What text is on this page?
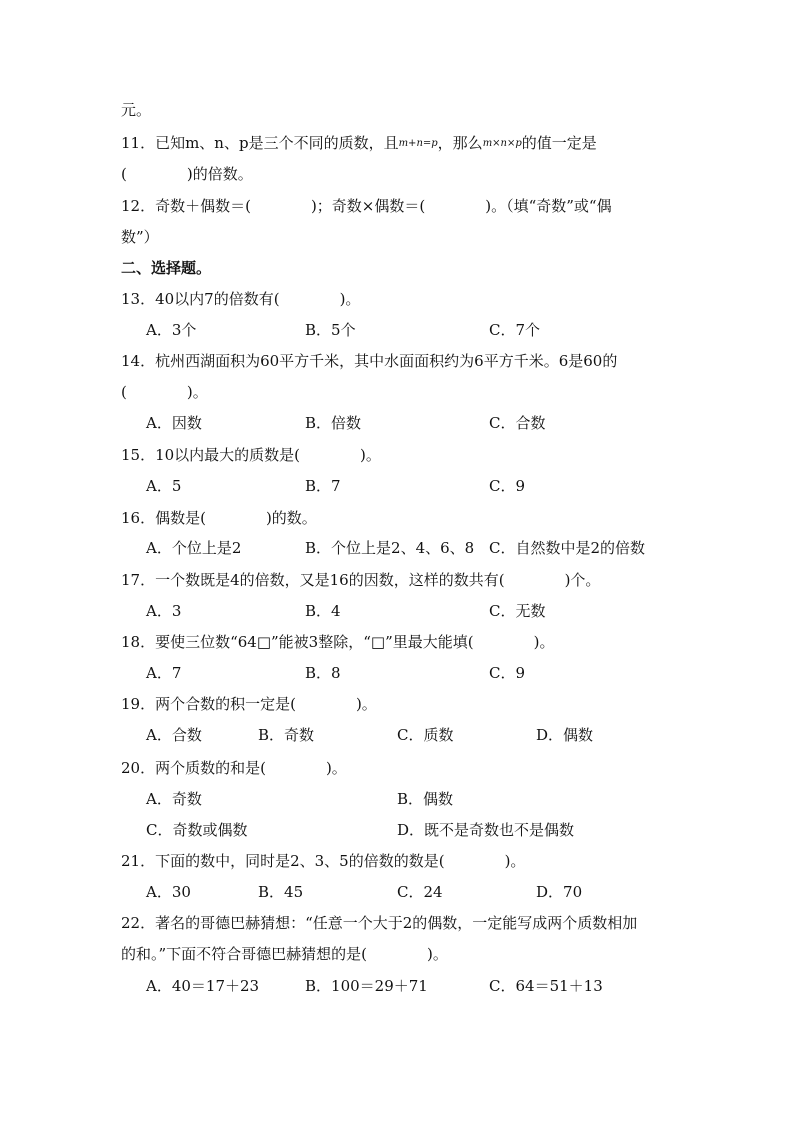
元。
11．已知m、n、p是三个不同的质数，且m+n=p，那么m×n×p的值一定是
(　　　　)的倍数。
12．奇数＋偶数＝(　　　　)；奇数×偶数＝(　　　　)。（填“奇数”或“偶
数”）
二、选择题。
13．40以内7的倍数有(　　　　)。
14．杭州西湖面积为60平方千米，其中水面面积约为6平方千米。6是60的
(　　　　)。
15．10以内最大的质数是(　　　　)。
16．偶数是(　　　　)的数。
17．一个数既是4的倍数，又是16的因数，这样的数共有(　　　　)个。
18．要使三位数“64□”能被3整除，“□”里最大能填(　　　　)。
19．两个合数的积一定是(　　　　)。
20．两个质数的和是(　　　　)。
21．下面的数中，同时是2、3、5的倍数的数是(　　　　)。
22．著名的哥德巴赫猜想：“任意一个大于2的偶数，一定能写成两个质数相加
的和。”下面不符合哥德巴赫猜想的是(　　　　)。
A．3个	B．5个	C．7个
A．因数	B．倍数	C．合数
A．5	B．7	C．9
A．个位上是2	B．个位上是2、4、6、8 C．自然数中是2的倍数
A．3	B．4	C．无数
A．7	B．8	C．9
A．合数	B．奇数	C．质数	D．偶数
A．奇数	B．偶数
C．奇数或偶数	D．既不是奇数也不是偶数
A．30	B．45	C．24	D．70
A．40＝17＋23	B．100＝29＋71	C．64＝51＋13
